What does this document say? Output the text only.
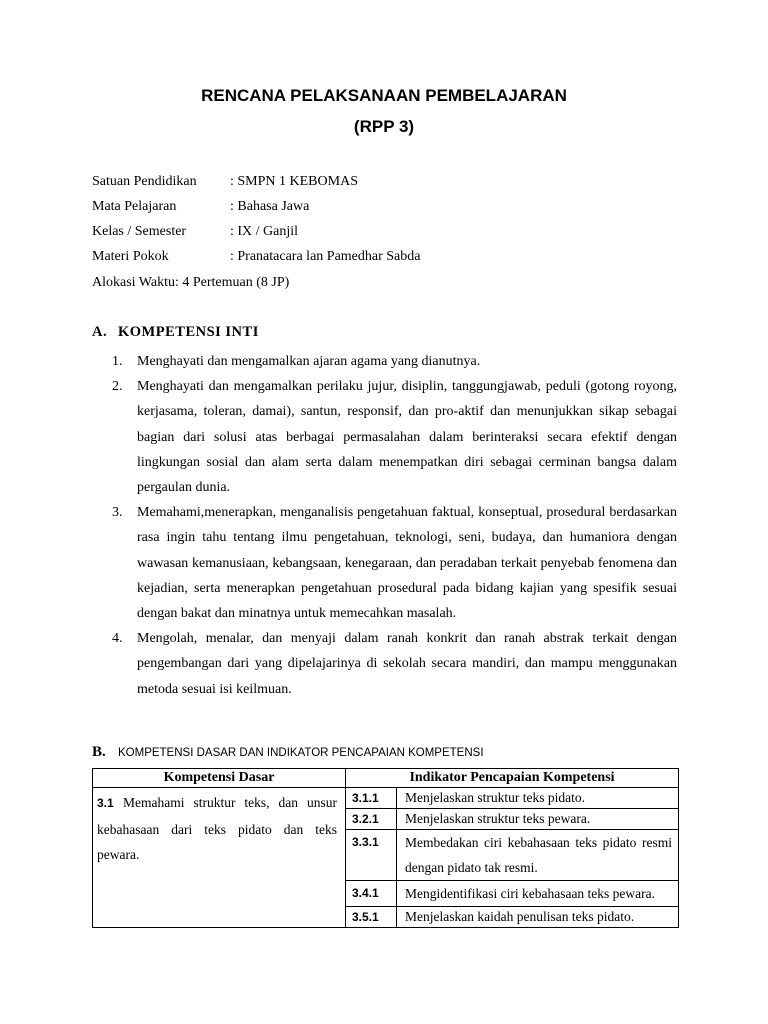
RENCANA PELAKSANAAN PEMBELAJARAN
(RPP 3)
Satuan Pendidikan : SMPN 1 KEBOMAS
Mata Pelajaran	: Bahasa Jawa
Kelas / Semester	: IX / Ganjil
Materi Pokok	: Pranatacara lan Pamedhar Sabda
Alokasi Waktu: 4 Pertemuan (8 JP)
A. KOMPETENSI INTI
1. Menghayati dan mengamalkan ajaran agama yang dianutnya.
2. Menghayati dan mengamalkan perilaku jujur, disiplin, tanggungjawab, peduli (gotong royong, kerjasama, toleran, damai), santun, responsif, dan pro-aktif dan menunjukkan sikap sebagai bagian dari solusi atas berbagai permasalahan dalam berinteraksi secara efektif dengan lingkungan sosial dan alam serta dalam menempatkan diri sebagai cerminan bangsa dalam pergaulan dunia.
3. Memahami,menerapkan, menganalisis pengetahuan faktual, konseptual, prosedural berdasarkan rasa ingin tahu tentang ilmu pengetahuan, teknologi, seni, budaya, dan humaniora dengan wawasan kemanusiaan, kebangsaan, kenegaraan, dan peradaban terkait penyebab fenomena dan kejadian, serta menerapkan pengetahuan prosedural pada bidang kajian yang spesifik sesuai dengan bakat dan minatnya untuk memecahkan masalah.
4. Mengolah, menalar, dan menyaji dalam ranah konkrit dan ranah abstrak terkait dengan pengembangan dari yang dipelajarinya di sekolah secara mandiri, dan mampu menggunakan metoda sesuai isi keilmuan.
B. KOMPETENSI DASAR DAN INDIKATOR PENCAPAIAN KOMPETENSI
Kompetensi Dasar	Indikator Pencapaian Kompetensi

3.1 Memahami struktur teks, dan unsur kebahasaan dari teks pidato dan teks pewara.	3.1.1 Menjelaskan struktur teks pidato.

	3.2.1 Menjelaskan struktur teks pewara.

	3.3.1 Membedakan ciri kebahasaan teks pidato resmi dengan pidato tak resmi.

	3.4.1 Mengidentifikasi ciri kebahasaan teks pewara.

	3.5.1 Menjelaskan kaidah penulisan teks pidato.
